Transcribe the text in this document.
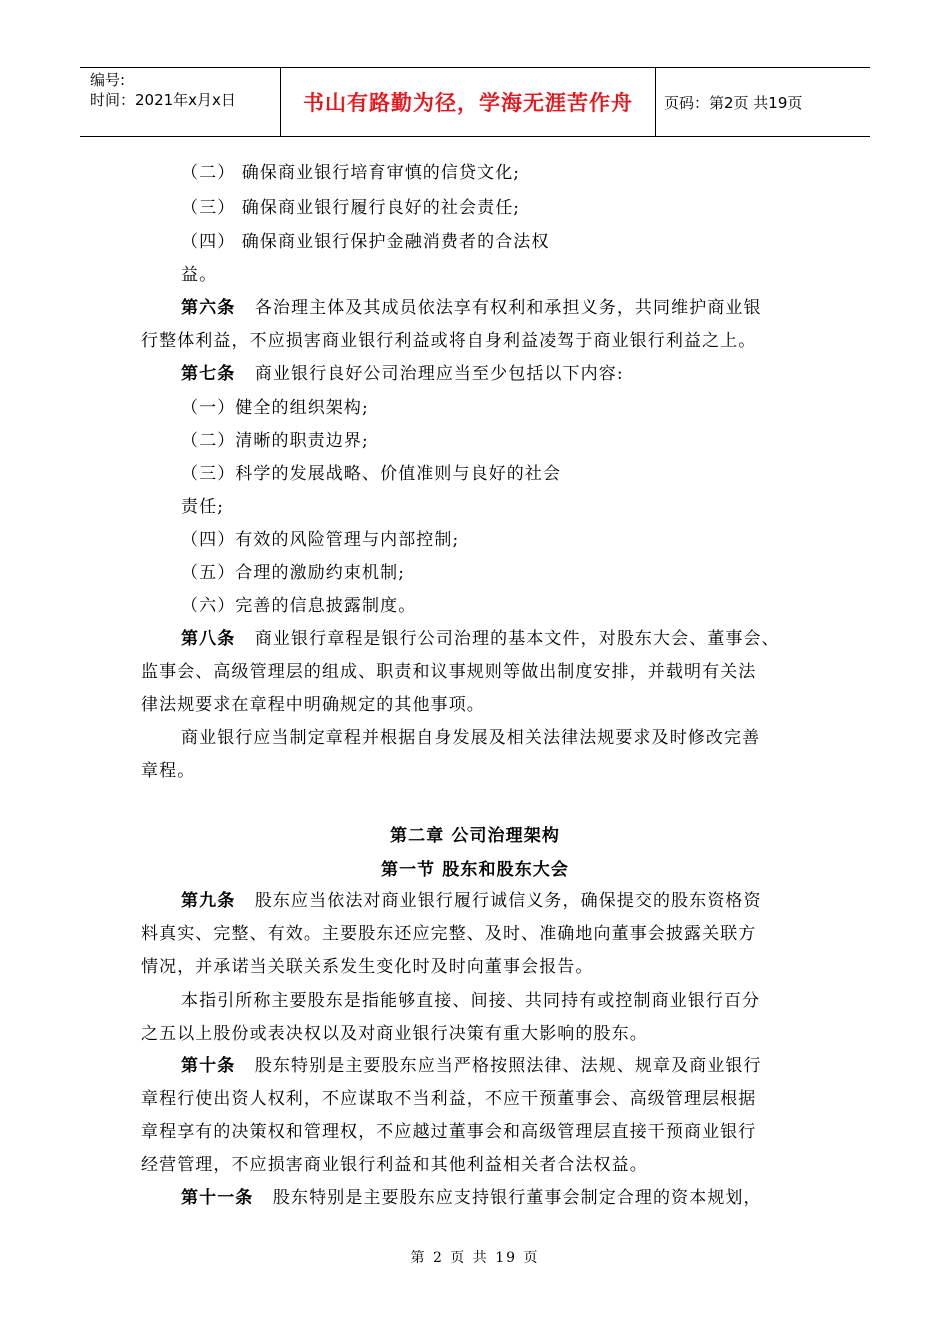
编号:
时间：2021年x月x日	书山有路勤为径，学海无涯苦作舟	页码：第2页 共19页
（二） 确保商业银行培育审慎的信贷文化;
（三） 确保商业银行履行良好的社会责任;
（四） 确保商业银行保护金融消费者的合法权
益。
第六条 各治理主体及其成员依法享有权利和承担义务，共同维护商业银
行整体利益，不应损害商业银行利益或将自身利益凌驾于商业银行利益之上。
第七条 商业银行良好公司治理应当至少包括以下内容:
（一）健全的组织架构;
（二）清晰的职责边界;
（三）科学的发展战略、价值准则与良好的社会
责任;
（四）有效的风险管理与内部控制;
（五）合理的激励约束机制;
（六）完善的信息披露制度。
第八条 商业银行章程是银行公司治理的基本文件，对股东大会、董事会、
监事会、高级管理层的组成、职责和议事规则等做出制度安排，并载明有关法
律法规要求在章程中明确规定的其他事项。
商业银行应当制定章程并根据自身发展及相关法律法规要求及时修改完善
章程。
第二章 公司治理架构
第一节 股东和股东大会
第九条 股东应当依法对商业银行履行诚信义务，确保提交的股东资格资
料真实、完整、有效。主要股东还应完整、及时、准确地向董事会披露关联方
情况，并承诺当关联关系发生变化时及时向董事会报告。
本指引所称主要股东是指能够直接、间接、共同持有或控制商业银行百分
之五以上股份或表决权以及对商业银行决策有重大影响的股东。
第十条 股东特别是主要股东应当严格按照法律、法规、规章及商业银行
章程行使出资人权利，不应谋取不当利益，不应干预董事会、高级管理层根据
章程享有的决策权和管理权，不应越过董事会和高级管理层直接干预商业银行
经营管理，不应损害商业银行利益和其他利益相关者合法权益。
第十一条 股东特别是主要股东应支持银行董事会制定合理的资本规划，
第 2 页 共 19 页
